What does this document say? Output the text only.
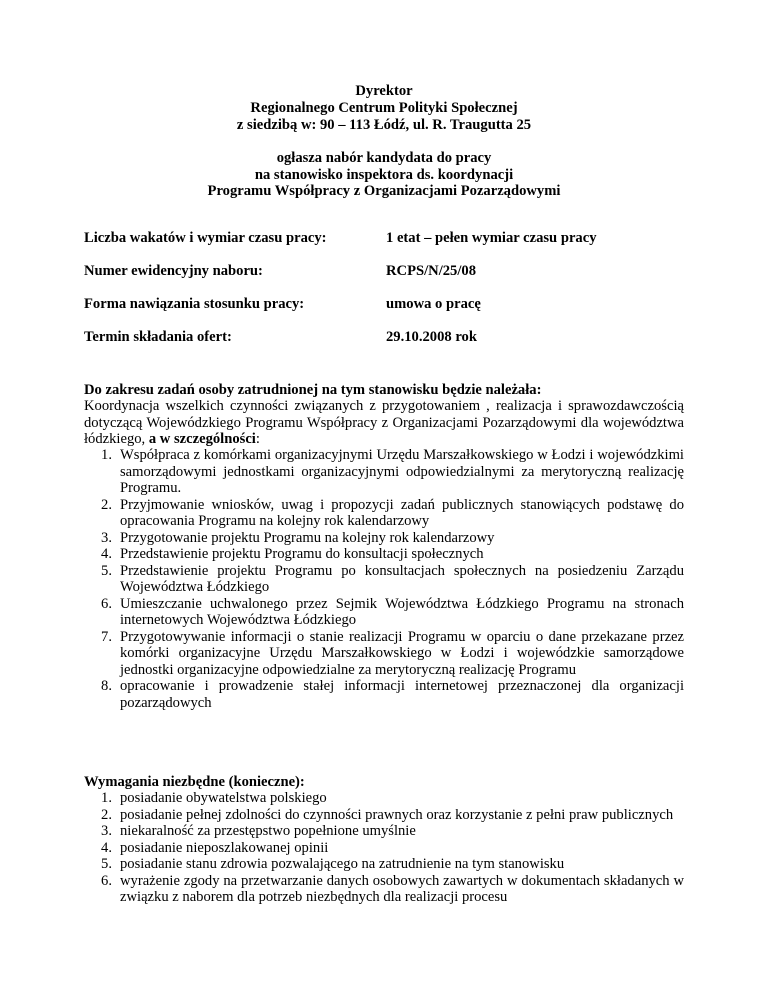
Dyrektor

Regionalnego Centrum Polityki Społecznej

z siedzibą w: 90 – 113 Łódź, ul. R. Traugutta 25

ogłasza nabór kandydata do pracy

na stanowisko inspektora ds. koordynacji

Programu Współpracy z Organizacjami Pozarządowymi

Liczba wakatów i wymiar czasu pracy:	1 etat – pełen wymiar czasu pracy

Numer ewidencyjny naboru:	RCPS/N/25/08

Forma nawiązania stosunku pracy:	umowa o pracę

Termin składania ofert:	29.10.2008 rok

Do zakresu zadań osoby zatrudnionej na tym stanowisku będzie należała:

Koordynacja wszelkich czynności związanych z przygotowaniem , realizacja i sprawozdawczością dotyczącą Wojewódzkiego Programu Współpracy z Organizacjami Pozarządowymi dla województwa łódzkiego, a w szczególności:

1. Współpraca z komórkami organizacyjnymi Urzędu Marszałkowskiego w Łodzi i wojewódzkimi samorządowymi jednostkami organizacyjnymi odpowiedzialnymi za merytoryczną realizację Programu.
2. Przyjmowanie wniosków, uwag i propozycji zadań publicznych stanowiących podstawę do opracowania Programu na kolejny rok kalendarzowy
3. Przygotowanie projektu Programu na kolejny rok kalendarzowy
4. Przedstawienie projektu Programu do konsultacji społecznych
5. Przedstawienie projektu Programu po konsultacjach społecznych na posiedzeniu Zarządu Województwa Łódzkiego
6. Umieszczanie uchwalonego przez Sejmik Województwa Łódzkiego Programu na stronach internetowych Województwa Łódzkiego
7. Przygotowywanie informacji o stanie realizacji Programu w oparciu o dane przekazane przez komórki organizacyjne Urzędu Marszałkowskiego w Łodzi i wojewódzkie samorządowe jednostki organizacyjne odpowiedzialne za merytoryczną realizację Programu
8. opracowanie i prowadzenie stałej informacji internetowej przeznaczonej dla organizacji pozarządowych

Wymagania niezbędne (konieczne):

1. posiadanie obywatelstwa polskiego
2. posiadanie pełnej zdolności do czynności prawnych oraz korzystanie z pełni praw publicznych
3. niekaralność za przestępstwo popełnione umyślnie
4. posiadanie nieposzlakowanej opinii
5. posiadanie stanu zdrowia pozwalającego na zatrudnienie na tym stanowisku
6. wyrażenie zgody na przetwarzanie danych osobowych zawartych w dokumentach składanych w związku z naborem dla potrzeb niezbędnych dla realizacji procesu
